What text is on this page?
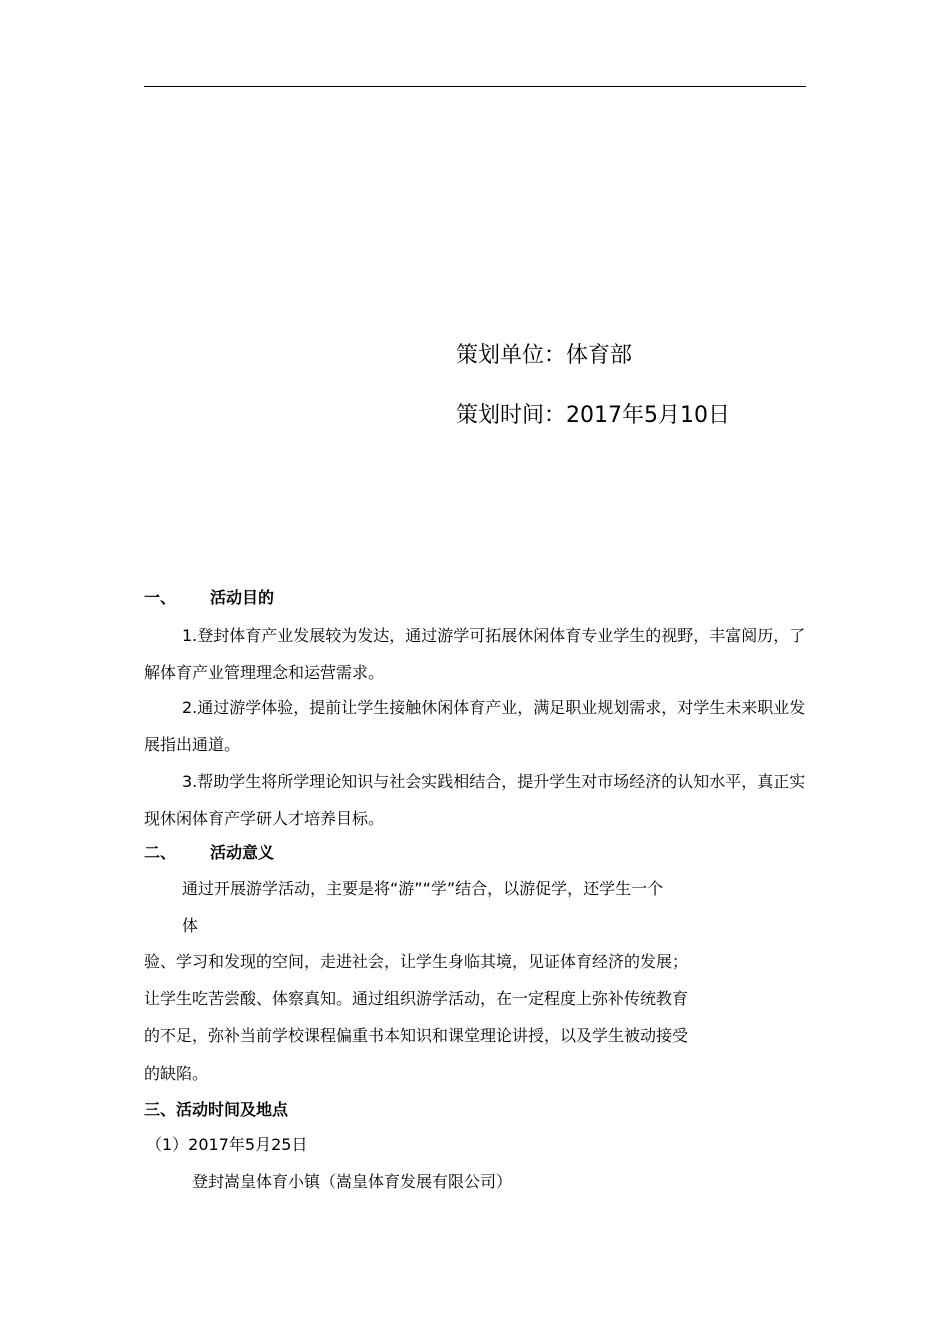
策划单位：体育部
策划时间：2017年5月10日
一、 活动目的

1.登封体育产业发展较为发达，通过游学可拓展休闲体育专业学生的视野，丰富阅历，了解体育产业管理理念和运营需求。

2.通过游学体验，提前让学生接触休闲体育产业，满足职业规划需求，对学生未来职业发展指出通道。

3.帮助学生将所学理论知识与社会实践相结合，提升学生对市场经济的认知水平，真正实现休闲体育产学研人才培养目标。

二、 活动意义
通过开展游学活动，主要是将“游”“学”结合，以游促学，还学生一个
体
验、学习和发现的空间，走进社会，让学生身临其境，见证体育经济的发展；
让学生吃苦尝酸、体察真知。通过组织游学活动，在一定程度上弥补传统教育
的不足，弥补当前学校课程偏重书本知识和课堂理论讲授，以及学生被动接受
的缺陷。
三、活动时间及地点
（1）2017年5月25日
登封嵩皇体育小镇（嵩皇体育发展有限公司）
